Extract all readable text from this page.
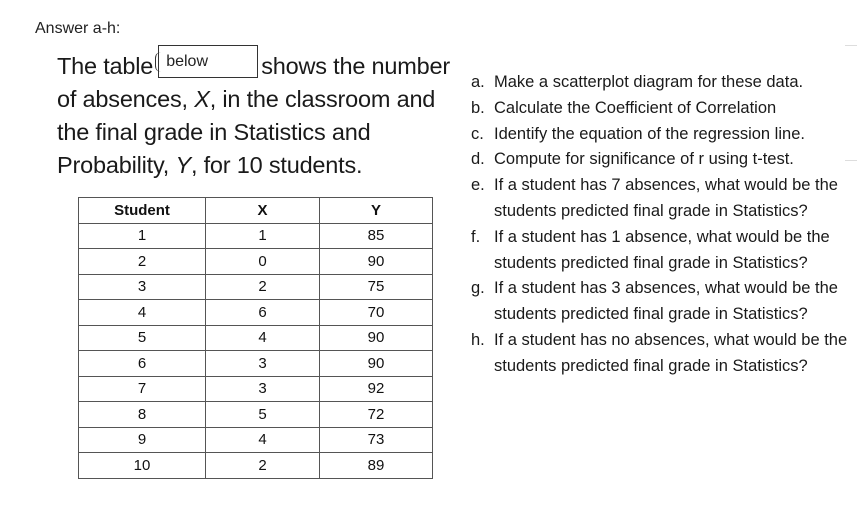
Answer a-h:
The table below shows the number of absences, X, in the classroom and the final grade in Statistics and Probability, Y, for 10 students.
Student	X	Y
1	1	85
2	0	90
3	2	75
4	6	70
5	4	90
6	3	90
7	3	92
8	5	72
9	4	73
10	2	89
a. Make a scatterplot diagram for these data.
b. Calculate the Coefficient of Correlation
c. Identify the equation of the regression line.
d. Compute for significance of r using t-test.
e. If a student has 7 absences, what would be the students predicted final grade in Statistics?
f. If a student has 1 absence, what would be the students predicted final grade in Statistics?
g. If a student has 3 absences, what would be the students predicted final grade in Statistics?
h. If a student has no absences, what would be the students predicted final grade in Statistics?
